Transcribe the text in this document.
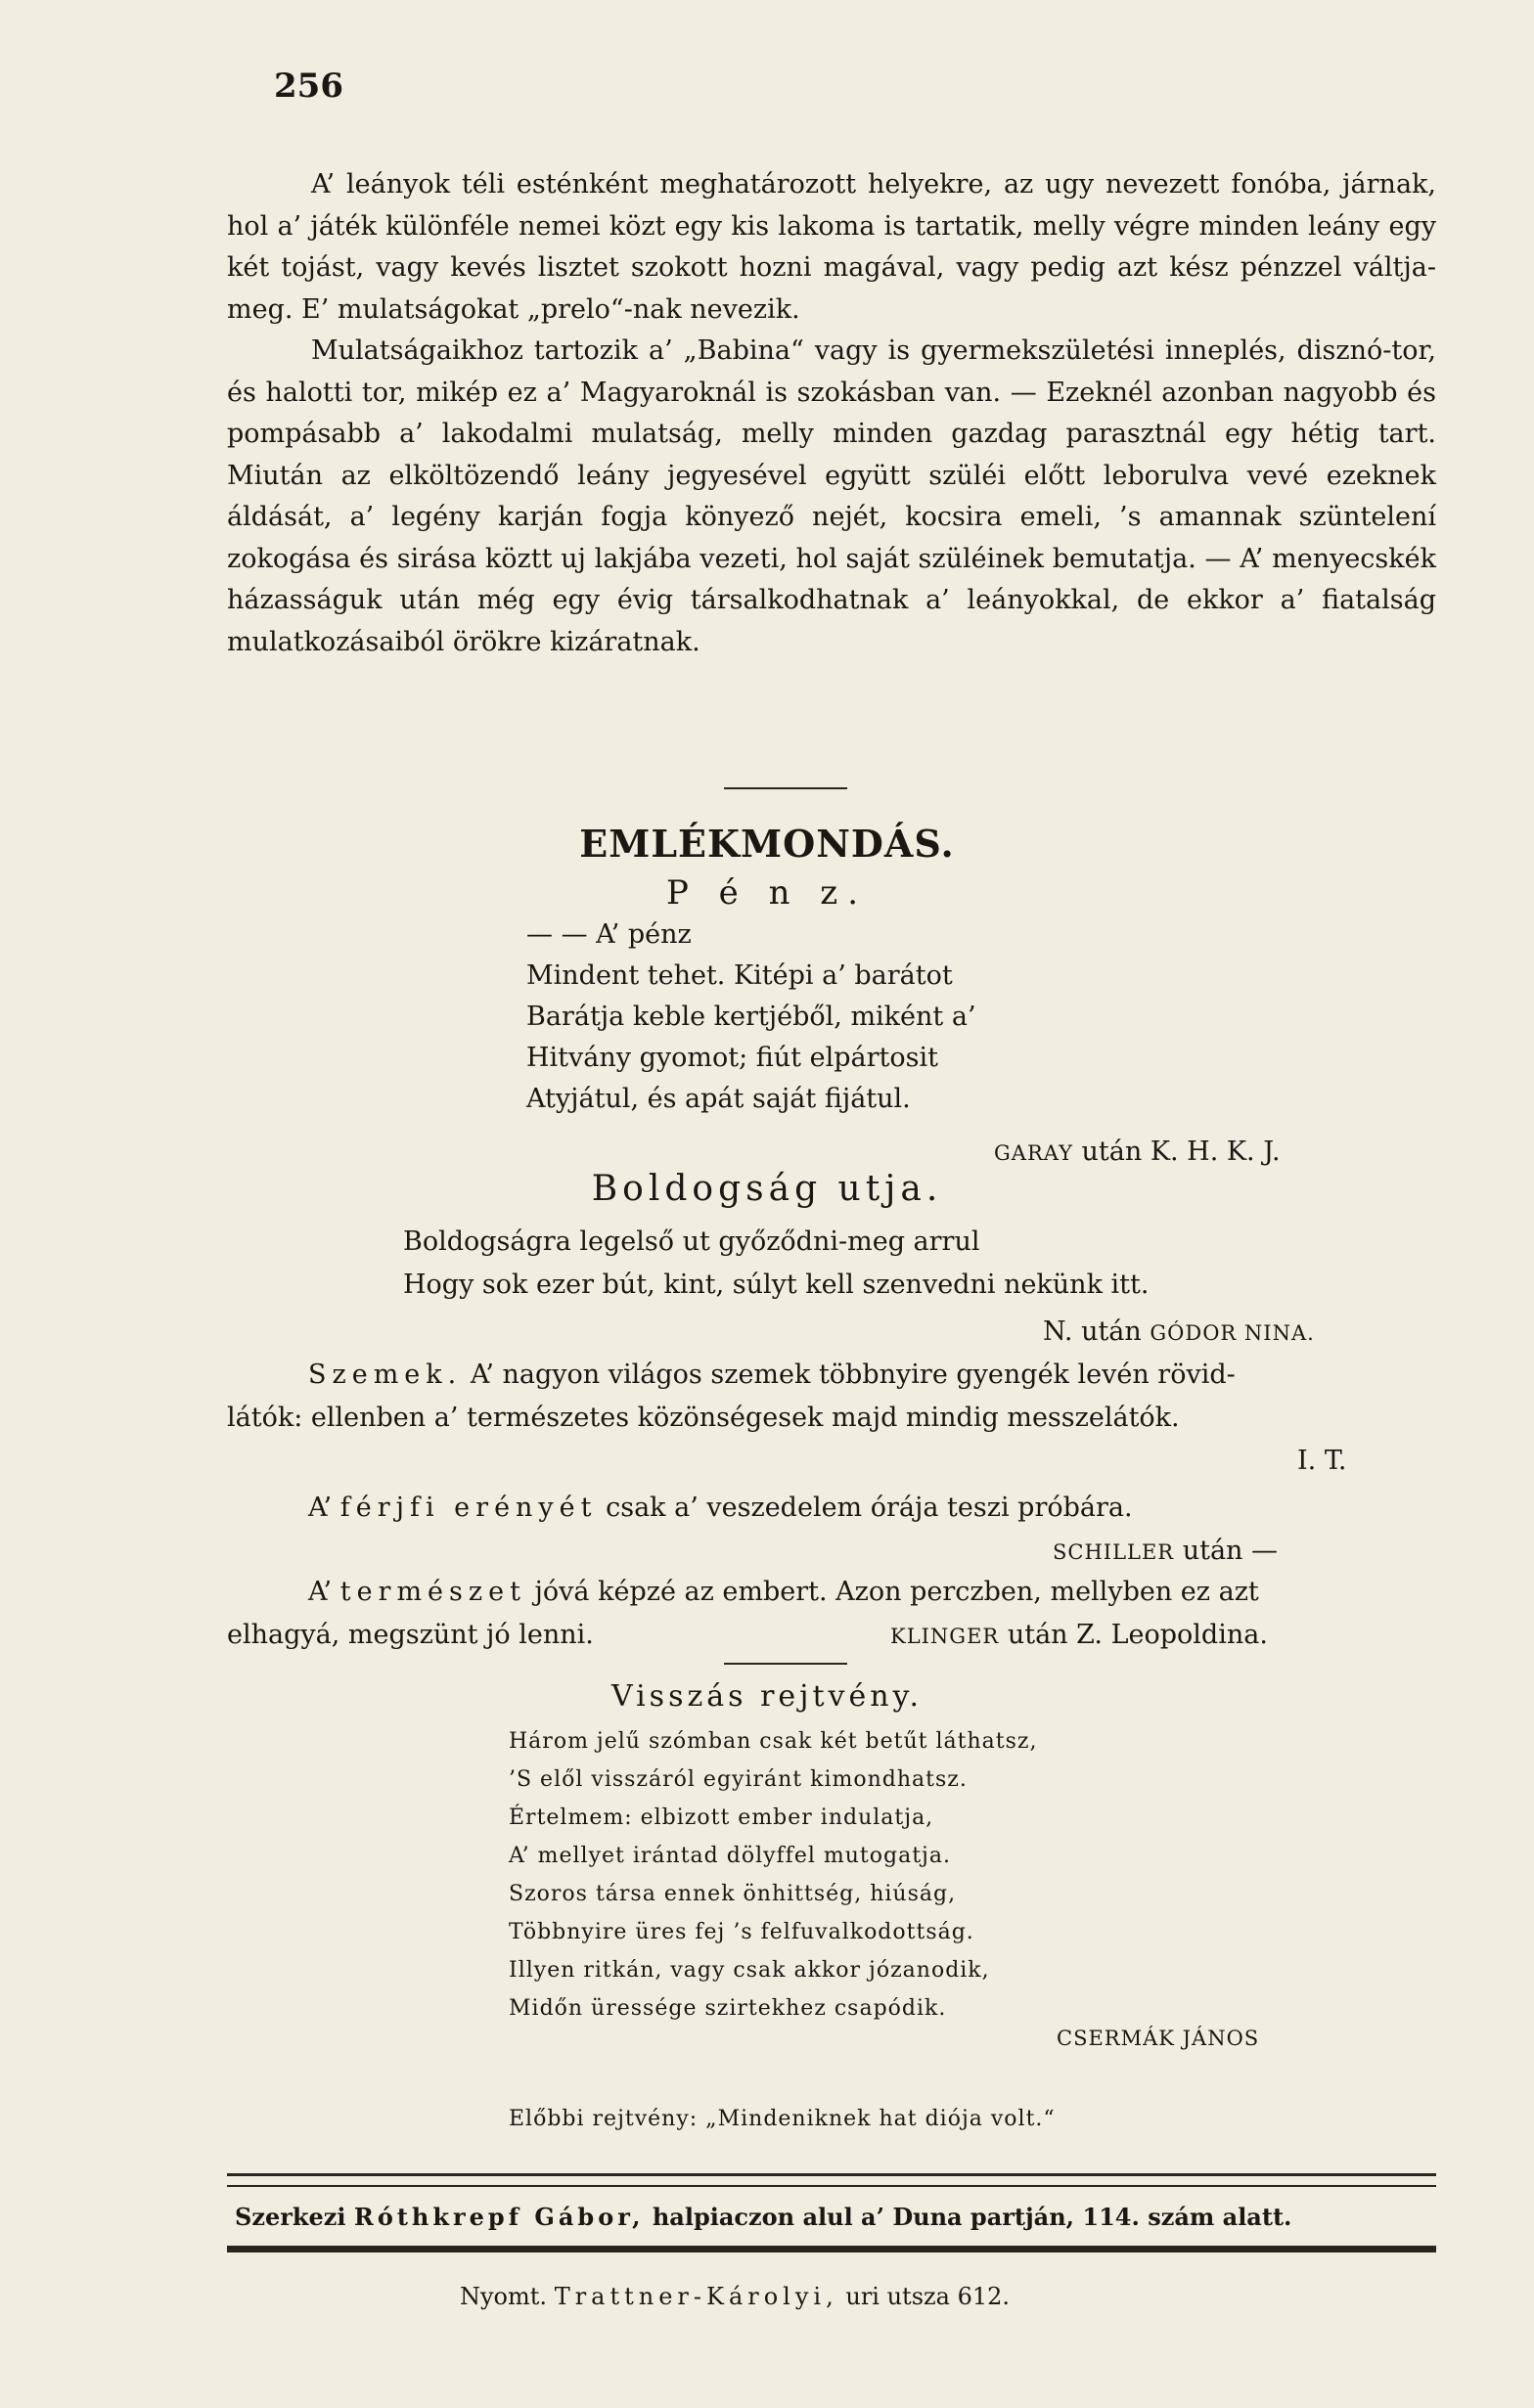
256

A’ leányok téli esténként meghatározott helyekre, az ugy nevezett fonóba, járnak, hol a’ játék különféle nemei közt egy kis lakoma is tartatik, melly végre minden leány egy két tojást, vagy kevés lisztet szokott hozni magával, vagy pedig azt kész pénzzel váltja-meg. E’ mulatságokat „prelo“-nak nevezik.

Mulatságaikhoz tartozik a’ „Babina“ vagy is gyermekszületési inneplés, disznó-tor, és halotti tor, mikép ez a’ Magyaroknál is szokásban van. — Ezeknél azonban nagyobb és pompásabb a’ lakodalmi mulatság, melly minden gazdag parasztnál egy hétig tart. Miután az elköltözendő leány jegyesével együtt szüléi előtt leborulva vevé ezeknek áldását, a’ legény karján fogja könyező nejét, kocsira emeli, ’s amannak szüntelení zokogása és sirása köztt uj lakjába vezeti, hol saját szüléinek bemutatja. — A’ menyecskék házasságuk után még egy évig társalkodhatnak a’ leányokkal, de ekkor a’ fiatalság mulatkozásaiból örökre kizáratnak.

EMLÉKMONDÁS.
P é n z.
— — A’ pénz
Mindent tehet. Kitépi a’ barátot
Barátja keble kertjéből, miként a’
Hitvány gyomot; fiút elpártosit
Atyjátul, és apát saját fijátul.
GARAY után K. H. K. J.
Boldogság utja.
Boldogságra legelső ut győződni-meg arrul
Hogy sok ezer bút, kint, súlyt kell szenvedni nekünk itt.
N. után GÓDOR NINA.
Szemek. A’ nagyon világos szemek többnyire gyengék levén rövid-
látók: ellenben a’ természetes közönségesek majd mindig messzelátók.
I. T.
A’ férjfi erényét csak a’ veszedelem órája teszi próbára.
SCHILLER után —
A’ természet jóvá képzé az embert. Azon perczben, mellyben ez azt
elhagyá, megszünt jó lenni.	KLINGER után Z. Leopoldina.
Visszás rejtvény.
Három jelű szómban csak két betűt láthatsz,
’S elől visszáról egyiránt kimondhatsz.
Értelmem: elbizott ember indulatja,
A’ mellyet irántad dölyffel mutogatja.
Szoros társa ennek önhittség, hiúság,
Többnyire üres fej ’s felfuvalkodottság.
Illyen ritkán, vagy csak akkor józanodik,
Midőn üressége szirtekhez csapódik.
CSERMÁK JÁNOS
Előbbi rejtvény: „Mindeniknek hat diója volt.“
Szerkezi Róthkrepf Gábor, halpiaczon alul a’ Duna partján, 114. szám alatt.
Nyomt. Trattner-Károlyi, uri utsza 612.
